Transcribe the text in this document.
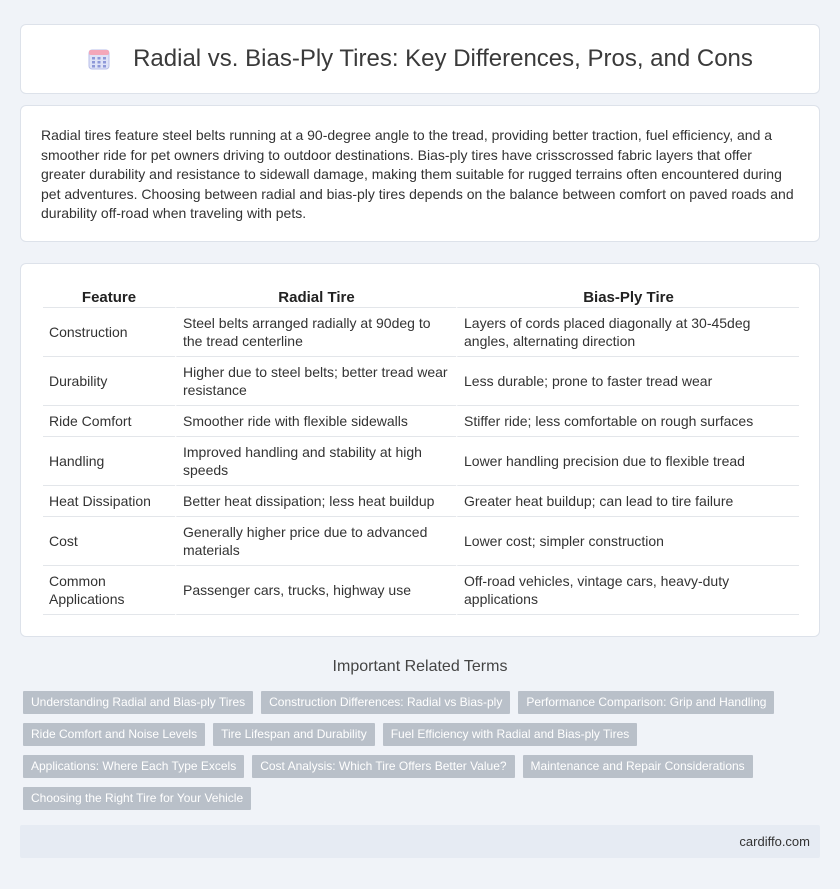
Radial vs. Bias-Ply Tires: Key Differences, Pros, and Cons

Radial tires feature steel belts running at a 90-degree angle to the tread, providing better traction, fuel efficiency, and a smoother ride for pet owners driving to outdoor destinations. Bias-ply tires have crisscrossed fabric layers that offer greater durability and resistance to sidewall damage, making them suitable for rugged terrains often encountered during pet adventures. Choosing between radial and bias-ply tires depends on the balance between comfort on paved roads and durability off-road when traveling with pets.

Feature	Radial Tire	Bias-Ply Tire
Construction	Steel belts arranged radially at 90deg to the tread centerline	Layers of cords placed diagonally at 30-45deg angles, alternating direction
Durability	Higher due to steel belts; better tread wear resistance	Less durable; prone to faster tread wear
Ride Comfort	Smoother ride with flexible sidewalls	Stiffer ride; less comfortable on rough surfaces
Handling	Improved handling and stability at high speeds	Lower handling precision due to flexible tread
Heat Dissipation	Better heat dissipation; less heat buildup	Greater heat buildup; can lead to tire failure
Cost	Generally higher price due to advanced materials	Lower cost; simpler construction
Common Applications	Passenger cars, trucks, highway use	Off-road vehicles, vintage cars, heavy-duty applications
Important Related Terms
Understanding Radial and Bias-ply Tires	Construction Differences: Radial vs Bias-ply	Performance Comparison: Grip and Handling
Ride Comfort and Noise Levels	Tire Lifespan and Durability	Fuel Efficiency with Radial and Bias-ply Tires
Applications: Where Each Type Excels	Cost Analysis: Which Tire Offers Better Value?	Maintenance and Repair Considerations
Choosing the Right Tire for Your Vehicle
cardiffo.com
